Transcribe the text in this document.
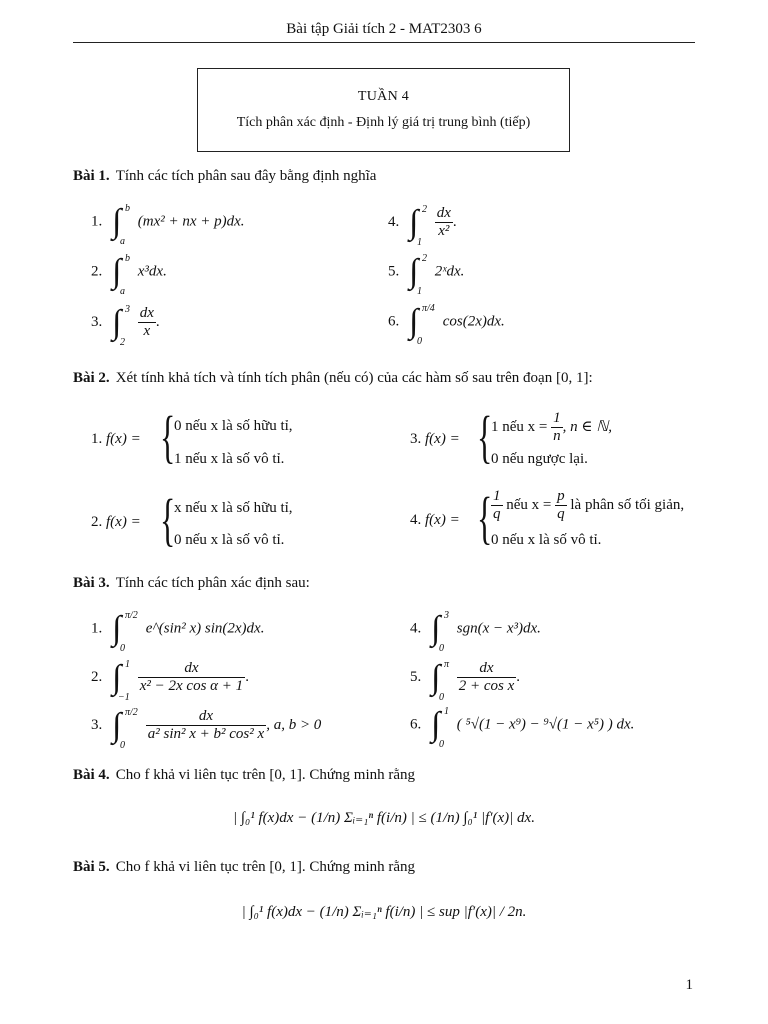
Bài tập Giải tích 2 - MAT2303 6
TUẦN 4
Tích phân xác định - Định lý giá trị trung bình (tiếp)
Bài 1. Tính các tích phân sau đây bằng định nghĩa
1. ∫ b
a
(mx² + nx + p)dx.
2. ∫ b
a
x³dx.
3. ∫ 3
2

$\frac{dx}{x}$ .
4. ∫ 2
1

$\frac{dx}{\text{x²}}$ .
5. ∫ 2
1
2ˣdx.
6. ∫ π/4
0
cos(2x)dx.
Bài 2. Xét tính khả tích và tính tích phân (nếu có) của các hàm số sau trên đoạn [0, 1]:
1. f(x) = {
0 nếu x là số hữu tỉ,
1 nếu x là số vô tỉ.
2. f(x) = {
x nếu x là số hữu tỉ,
0 nếu x là số vô tỉ.
3. f(x) = {
1 nếu $x = \frac{1}{n}$ , n ∈ ℕ,
0 nếu ngược lại.
4. f(x) = {
$\frac{1}{q}$ nếu $x = \frac{p}{q}$ là phân số tối giản,
0 nếu x là số vô tỉ.
Bài 3. Tính các tích phân xác định sau:
1. ∫ π/2
0
e^(sin² x) sin(2x)dx.
2. ∫ 1
−1

$\frac{dx}{\text{x² − 2x cos α + 1}}$ .
3. ∫ π/2
0

$\frac{dx}{\text{a² sin² x + b² cos² x}}$ , a, b > 0
4. ∫ 3
0
sgn(x − x³)dx.
5. ∫ π
0

$\frac{dx}{\text{2 + cos x}}$ .
6. ∫ 1
0
( ⁵√(1 − x⁹) − ⁹√(1 − x⁵) ) dx.
Bài 4. Cho f khả vi liên tục trên [0, 1]. Chứng minh rằng
| ∫₀¹ f(x)dx − (1/n) Σᵢ₌₁ⁿ f(i/n) | ≤ (1/n) ∫₀¹ |f′(x)| dx.
Bài 5. Cho f khả vi liên tục trên [0, 1]. Chứng minh rằng
| ∫₀¹ f(x)dx − (1/n) Σᵢ₌₁ⁿ f(i/n) | ≤ sup |f′(x)| / 2n.
1
